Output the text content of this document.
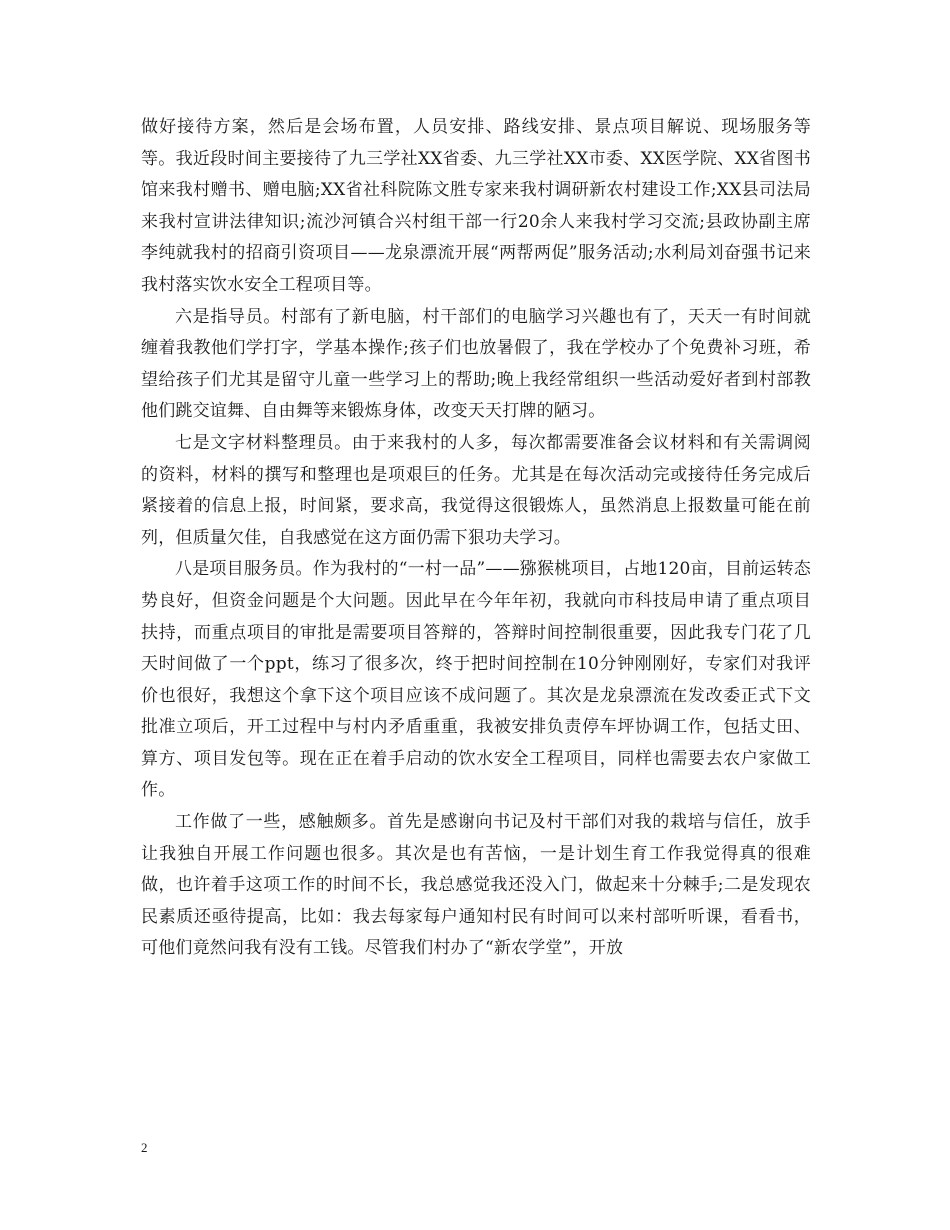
做好接待方案，然后是会场布置，人员安排、路线安排、景点项目解说、现场服务等等。我近段时间主要接待了九三学社XX省委、九三学社XX市委、XX医学院、XX省图书馆来我村赠书、赠电脑;XX省社科院陈文胜专家来我村调研新农村建设工作;XX县司法局来我村宣讲法律知识;流沙河镇合兴村组干部一行20余人来我村学习交流;县政协副主席李纯就我村的招商引资项目——龙泉漂流开展“两帮两促”服务活动;水利局刘奋强书记来我村落实饮水安全工程项目等。

六是指导员。村部有了新电脑，村干部们的电脑学习兴趣也有了，天天一有时间就缠着我教他们学打字，学基本操作;孩子们也放暑假了，我在学校办了个免费补习班，希望给孩子们尤其是留守儿童一些学习上的帮助;晚上我经常组织一些活动爱好者到村部教他们跳交谊舞、自由舞等来锻炼身体，改变天天打牌的陋习。

七是文字材料整理员。由于来我村的人多，每次都需要准备会议材料和有关需调阅的资料，材料的撰写和整理也是项艰巨的任务。尤其是在每次活动完或接待任务完成后紧接着的信息上报，时间紧，要求高，我觉得这很锻炼人，虽然消息上报数量可能在前列，但质量欠佳，自我感觉在这方面仍需下狠功夫学习。

八是项目服务员。作为我村的“一村一品”——猕猴桃项目，占地120亩，目前运转态势良好，但资金问题是个大问题。因此早在今年年初，我就向市科技局申请了重点项目扶持，而重点项目的审批是需要项目答辩的，答辩时间控制很重要，因此我专门花了几天时间做了一个ppt，练习了很多次，终于把时间控制在10分钟刚刚好，专家们对我评价也很好，我想这个拿下这个项目应该不成问题了。其次是龙泉漂流在发改委正式下文批准立项后，开工过程中与村内矛盾重重，我被安排负责停车坪协调工作，包括丈田、算方、项目发包等。现在正在着手启动的饮水安全工程项目，同样也需要去农户家做工作。

工作做了一些，感触颇多。首先是感谢向书记及村干部们对我的栽培与信任，放手让我独自开展工作问题也很多。其次是也有苦恼，一是计划生育工作我觉得真的很难做，也许着手这项工作的时间不长，我总感觉我还没入门，做起来十分棘手;二是发现农民素质还亟待提高，比如：我去每家每户通知村民有时间可以来村部听听课，看看书，可他们竟然问我有没有工钱。尽管我们村办了“新农学堂”，开放

2
